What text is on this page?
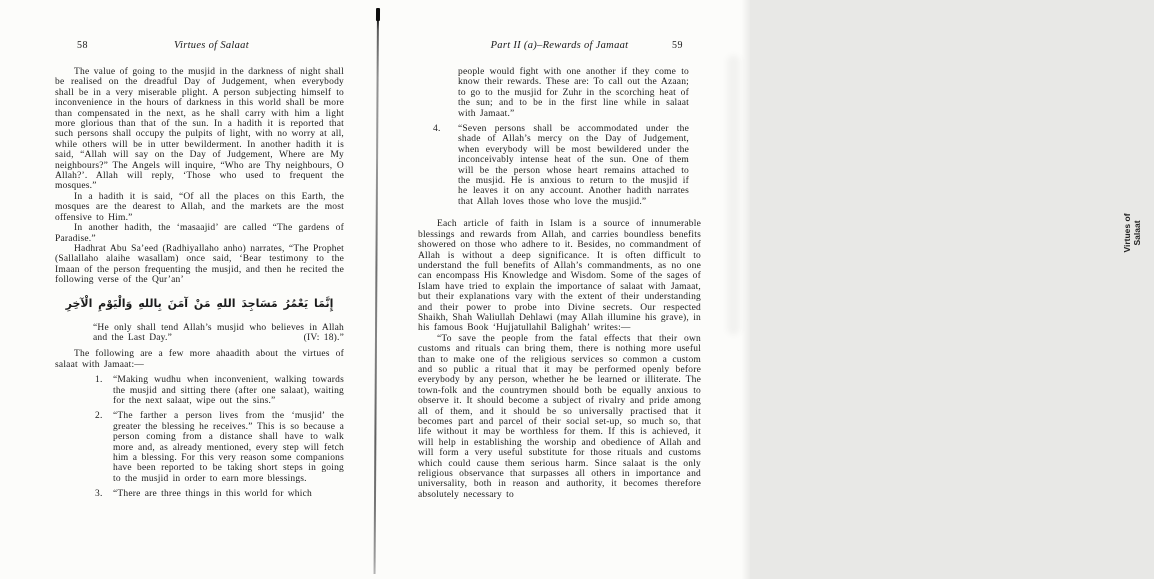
58	Virtues of Salaat

The value of going to the musjid in the darkness of night shall be realised on the dreadful Day of Judgement, when everybody shall be in a very miserable plight. A person subjecting himself to inconvenience in the hours of darkness in this world shall be more than compensated in the next, as he shall carry with him a light more glorious than that of the sun. In a hadith it is reported that such persons shall occupy the pulpits of light, with no worry at all, while others will be in utter bewilderment. In another hadith it is said, “Allah will say on the Day of Judgement, Where are My neighbours?” The Angels will inquire, “Who are Thy neighbours, O Allah?’. Allah will reply, ‘Those who used to frequent the mosques.”

In a hadith it is said, “Of all the places on this Earth, the mosques are the dearest to Allah, and the markets are the most offensive to Him.”

In another hadith, the ‘masaajid’ are called “The gardens of Paradise.”

Hadhrat Abu Sa’eed (Radhiyallaho anho) narrates, “The Prophet (Sallallaho alaihe wasallam) once said, ‘Bear testimony to the Imaan of the person frequenting the musjid, and then he recited the following verse of the Qur’an’

إِنَّمَا يَعْمُرُ مَسَاجِدَ اللهِ مَنْ آمَنَ بِاللهِ وَالْيَوْمِ الْآخِرِ
“He only shall tend Allah’s musjid who believes in Allah and the Last Day.”	(IV: 18).”

The following are a few more ahaadith about the virtues of salaat with Jamaat:—

1. “Making wudhu when inconvenient, walking towards the musjid and sitting there (after one salaat), waiting for the next salaat, wipe out the sins.”
2. “The farther a person lives from the ‘musjid’ the greater the blessing he receives.” This is so because a person coming from a distance shall have to walk more and, as already mentioned, every step will fetch him a blessing. For this very reason some companions have been reported to be taking short steps in going to the musjid in order to earn more blessings.
3. “There are three things in this world for which
Part II (a)–Rewards of Jamaat	59
people would fight with one another if they come to know their rewards. These are: To call out the Azaan; to go to the musjid for Zuhr in the scorching heat of the sun; and to be in the first line while in salaat with Jamaat.”
4. “Seven persons shall be accommodated under the shade of Allah’s mercy on the Day of Judgement, when everybody will be most bewildered under the inconceivably intense heat of the sun. One of them will be the person whose heart remains attached to the musjid. He is anxious to return to the musjid if he leaves it on any account. Another hadith narrates that Allah loves those who love the musjid.”

Each article of faith in Islam is a source of innumerable blessings and rewards from Allah, and carries boundless benefits showered on those who adhere to it. Besides, no commandment of Allah is without a deep significance. It is often difficult to understand the full benefits of Allah’s commandments, as no one can encompass His Knowledge and Wisdom. Some of the sages of Islam have tried to explain the importance of salaat with Jamaat, but their explanations vary with the extent of their understanding and their power to probe into Divine secrets. Our respected Shaikh, Shah Waliullah Dehlawi (may Allah illumine his grave), in his famous Book ‘Hujjatullahil Balighah’ writes:—

“To save the people from the fatal effects that their own customs and rituals can bring them, there is nothing more useful than to make one of the religious services so common a custom and so public a ritual that it may be performed openly before everybody by any person, whether he be learned or illiterate. The town-folk and the countrymen should both be equally anxious to observe it. It should become a subject of rivalry and pride among all of them, and it should be so universally practised that it becomes part and parcel of their social set-up, so much so, that life without it may be worthless for them. If this is achieved, it will help in establishing the worship and obedience of Allah and will form a very useful substitute for those rituals and customs which could cause them serious harm. Since salaat is the only religious observance that surpasses all others in importance and universality, both in reason and authority, it becomes therefore absolutely necessary to

Virtues of Salaat
